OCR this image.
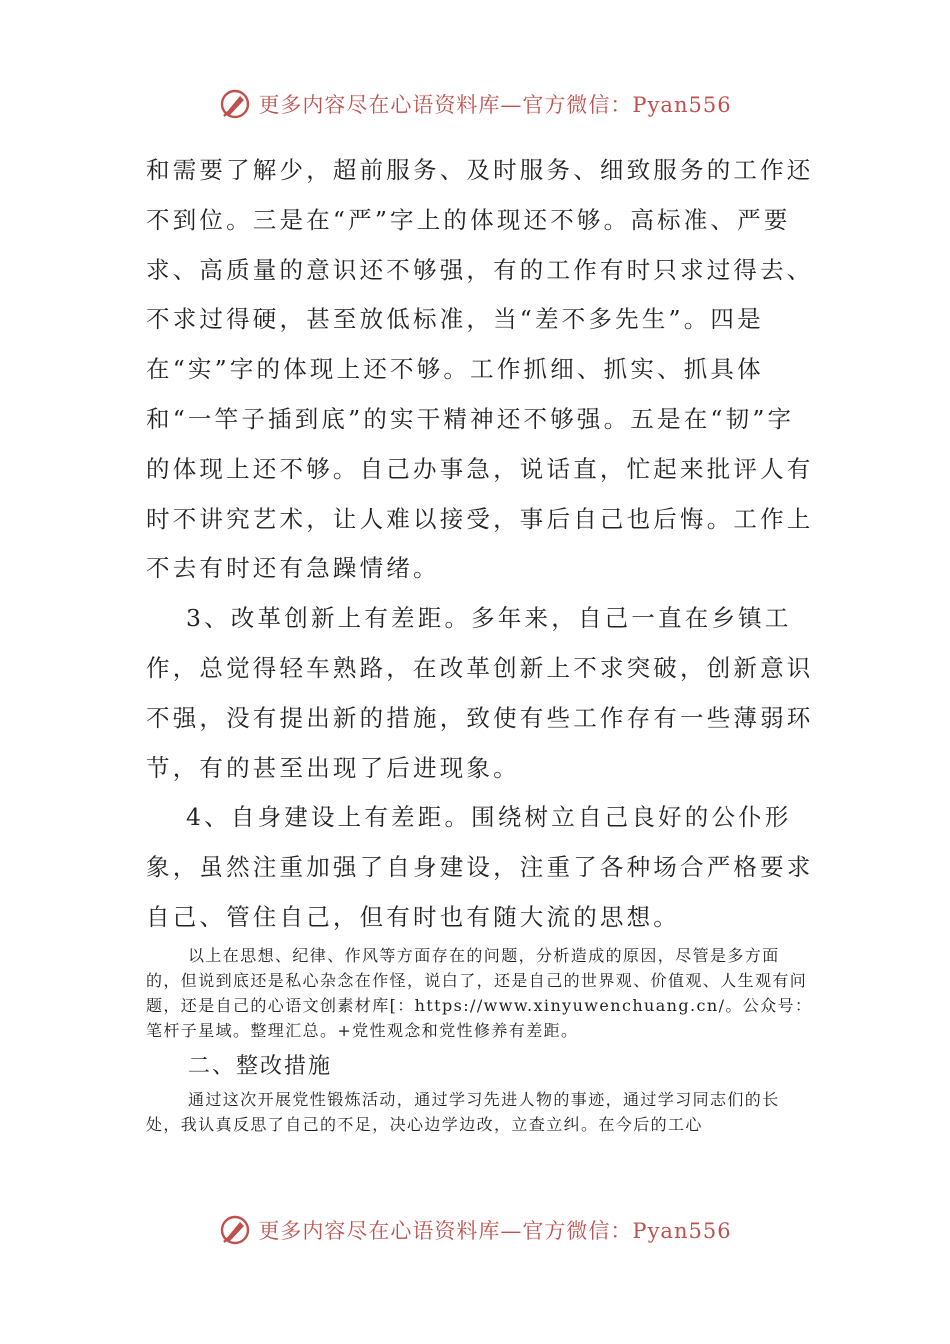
更多内容尽在心语资料库—官方微信：Pyan556

和需要了解少，超前服务、及时服务、细致服务的工作还不到位。三是在“严”字上的体现还不够。高标准、严要求、高质量的意识还不够强，有的工作有时只求过得去、不求过得硬，甚至放低标准，当“差不多先生”。四是在“实”字的体现上还不够。工作抓细、抓实、抓具体和“一竿子插到底”的实干精神还不够强。五是在“韧”字的体现上还不够。自己办事急，说话直，忙起来批评人有时不讲究艺术，让人难以接受，事后自己也后悔。工作上不去有时还有急躁情绪。

3、改革创新上有差距。多年来，自己一直在乡镇工作，总觉得轻车熟路，在改革创新上不求突破，创新意识不强，没有提出新的措施，致使有些工作存有一些薄弱环节，有的甚至出现了后进现象。

4、自身建设上有差距。围绕树立自己良好的公仆形象，虽然注重加强了自身建设，注重了各种场合严格要求自己、管住自己，但有时也有随大流的思想。

以上在思想、纪律、作风等方面存在的问题，分析造成的原因，尽管是多方面的，但说到底还是私心杂念在作怪，说白了，还是自己的世界观、价值观、人生观有问题，还是自己的心语文创素材库[：https://www.xinyuwenchuang.cn/。公众号：笔杆子星域。整理汇总。+党性观念和党性修养有差距。

二、整改措施

通过这次开展党性锻炼活动，通过学习先进人物的事迹，通过学习同志们的长处，我认真反思了自己的不足，决心边学边改，立查立纠。在今后的工心

更多内容尽在心语资料库—官方微信：Pyan556
